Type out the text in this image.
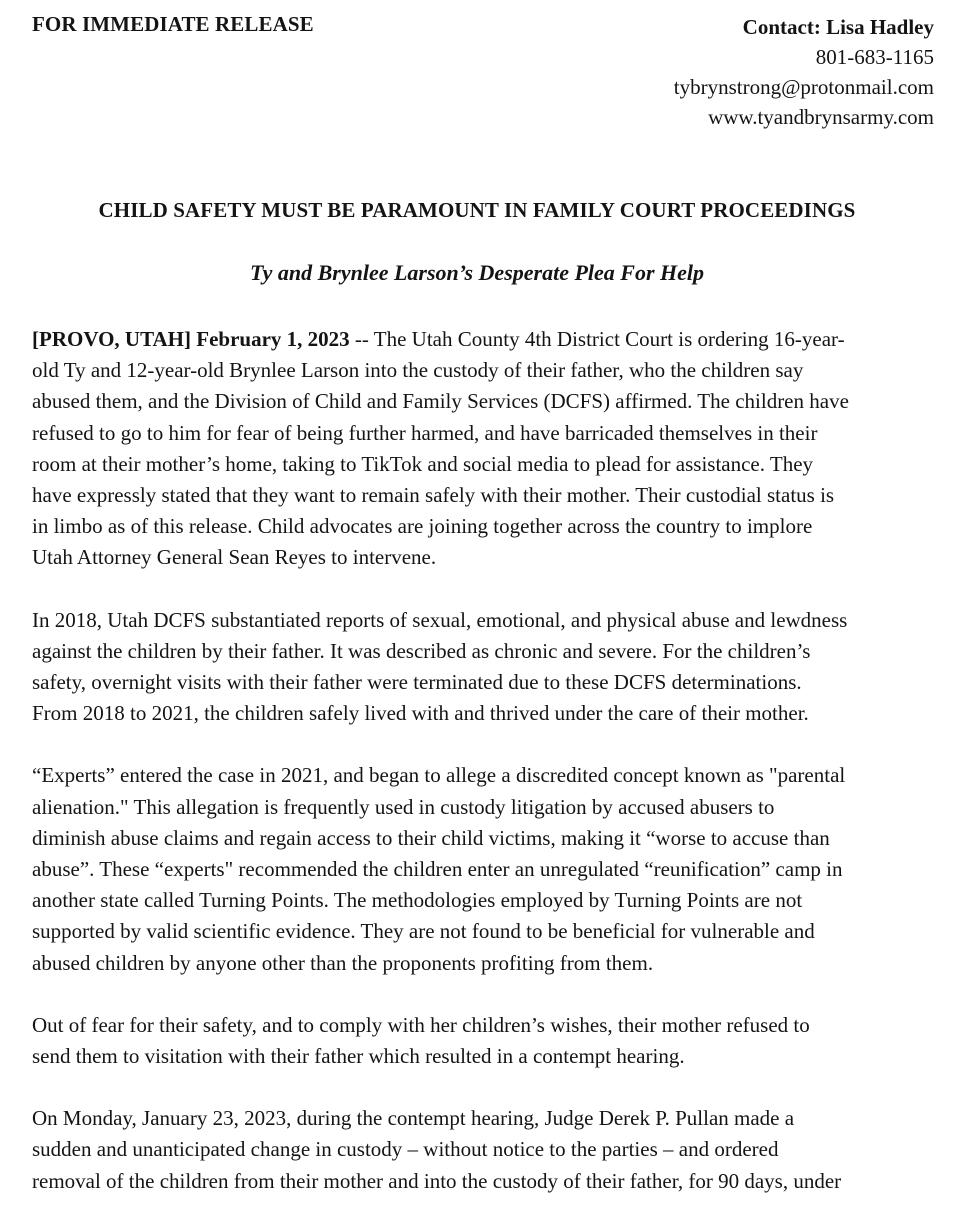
FOR IMMEDIATE RELEASE	Contact: Lisa Hadley
801-683-1165
tybrynstrong@protonmail.com
www.tyandbrynsarmy.com
CHILD SAFETY MUST BE PARAMOUNT IN FAMILY COURT PROCEEDINGS
Ty and Brynlee Larson’s Desperate Plea For Help

[PROVO, UTAH] February 1, 2023 -- The Utah County 4th District Court is ordering 16-year-
old Ty and 12-year-old Brynlee Larson into the custody of their father, who the children say
abused them, and the Division of Child and Family Services (DCFS) affirmed. The children have
refused to go to him for fear of being further harmed, and have barricaded themselves in their
room at their mother’s home, taking to TikTok and social media to plead for assistance. They
have expressly stated that they want to remain safely with their mother. Their custodial status is
in limbo as of this release. Child advocates are joining together across the country to implore
Utah Attorney General Sean Reyes to intervene.

In 2018, Utah DCFS substantiated reports of sexual, emotional, and physical abuse and lewdness
against the children by their father. It was described as chronic and severe. For the children’s
safety, overnight visits with their father were terminated due to these DCFS determinations.
From 2018 to 2021, the children safely lived with and thrived under the care of their mother.

“Experts” entered the case in 2021, and began to allege a discredited concept known as "parental
alienation." This allegation is frequently used in custody litigation by accused abusers to
diminish abuse claims and regain access to their child victims, making it “worse to accuse than
abuse”. These “experts" recommended the children enter an unregulated “reunification” camp in
another state called Turning Points. The methodologies employed by Turning Points are not
supported by valid scientific evidence. They are not found to be beneficial for vulnerable and
abused children by anyone other than the proponents profiting from them.

Out of fear for their safety, and to comply with her children’s wishes, their mother refused to
send them to visitation with their father which resulted in a contempt hearing.

On Monday, January 23, 2023, during the contempt hearing, Judge Derek P. Pullan made a
sudden and unanticipated change in custody – without notice to the parties – and ordered
removal of the children from their mother and into the custody of their father, for 90 days, under
